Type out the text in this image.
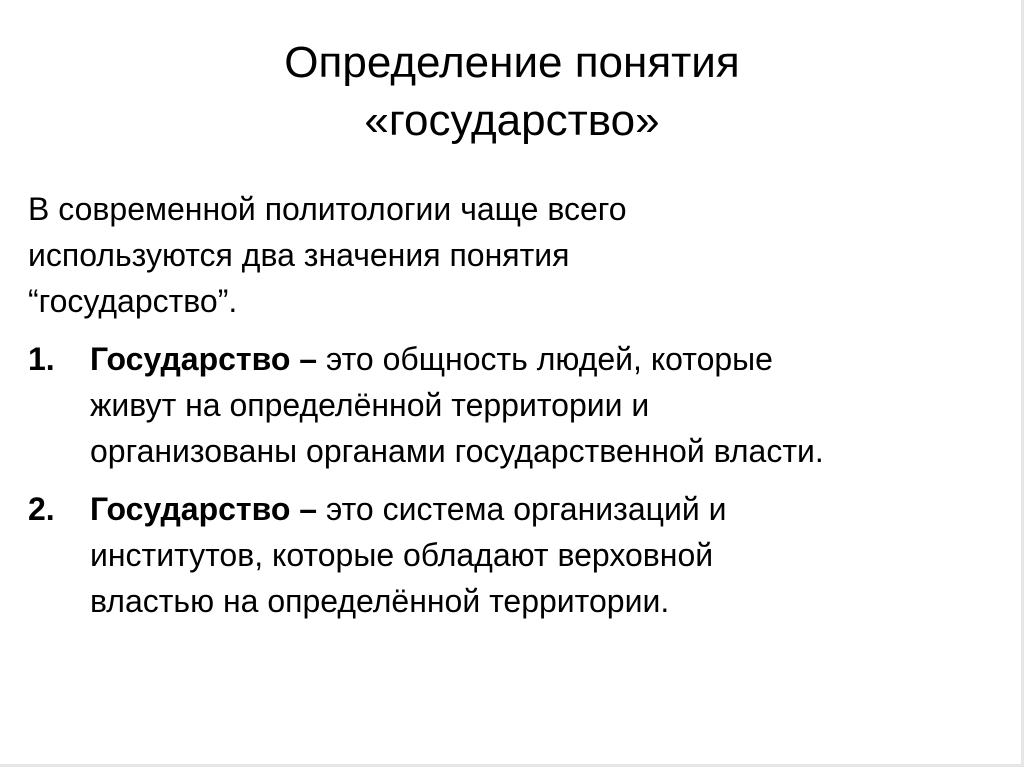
Определение понятия
«государство»

В современной политологии чаще всего
используются два значения понятия
“государство”.

1. Государство – это общность людей, которые
живут на определённой территории и
организованы органами государственной власти.
2. Государство – это система организаций и
институтов, которые обладают верховной
властью на определённой территории.
